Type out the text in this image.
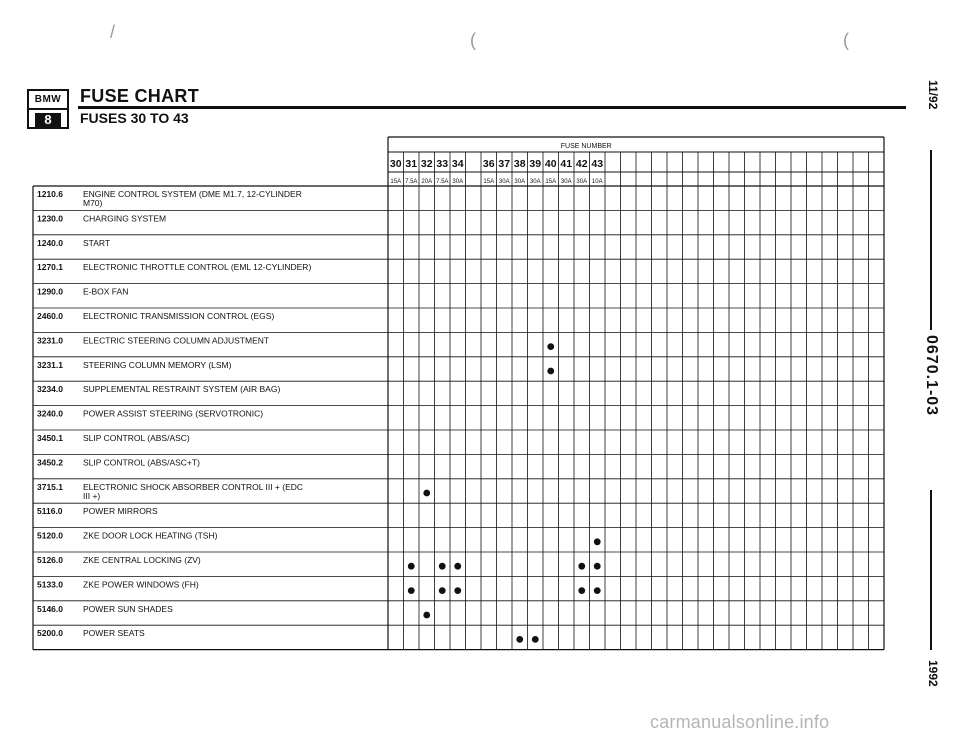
BMW
8
FUSE CHART
FUSES 30 TO 43
11/92
0670.1-03
1992
/	(	(
FUSE NUMBER
30
15A
31
7.5A
32
20A
33
7.5A
34
30A
36
15A
37
30A
38
30A
39
30A
40
15A
41
30A
42
30A
43
10A
1210.6 ENGINE CONTROL SYSTEM (DME M1.7, 12-CYLINDER
M70)
1230.0 CHARGING SYSTEM
1240.0 START
1270.1 ELECTRONIC THROTTLE CONTROL (EML 12-CYLINDER)
1290.0 E-BOX FAN
2460.0 ELECTRONIC TRANSMISSION CONTROL (EGS)
3231.0 ELECTRIC STEERING COLUMN ADJUSTMENT
3231.1 STEERING COLUMN MEMORY (LSM)
3234.0 SUPPLEMENTAL RESTRAINT SYSTEM (AIR BAG)
3240.0 POWER ASSIST STEERING (SERVOTRONIC)
3450.1 SLIP CONTROL (ABS/ASC)
3450.2 SLIP CONTROL (ABS/ASC+T)
3715.1 ELECTRONIC SHOCK ABSORBER CONTROL III + (EDC
III +)
5116.0 POWER MIRRORS
5120.0 ZKE DOOR LOCK HEATING (TSH)
5126.0 ZKE CENTRAL LOCKING (ZV)
5133.0 ZKE POWER WINDOWS (FH)
5146.0 POWER SUN SHADES
5200.0 POWER SEATS
carmanualsonline.info
